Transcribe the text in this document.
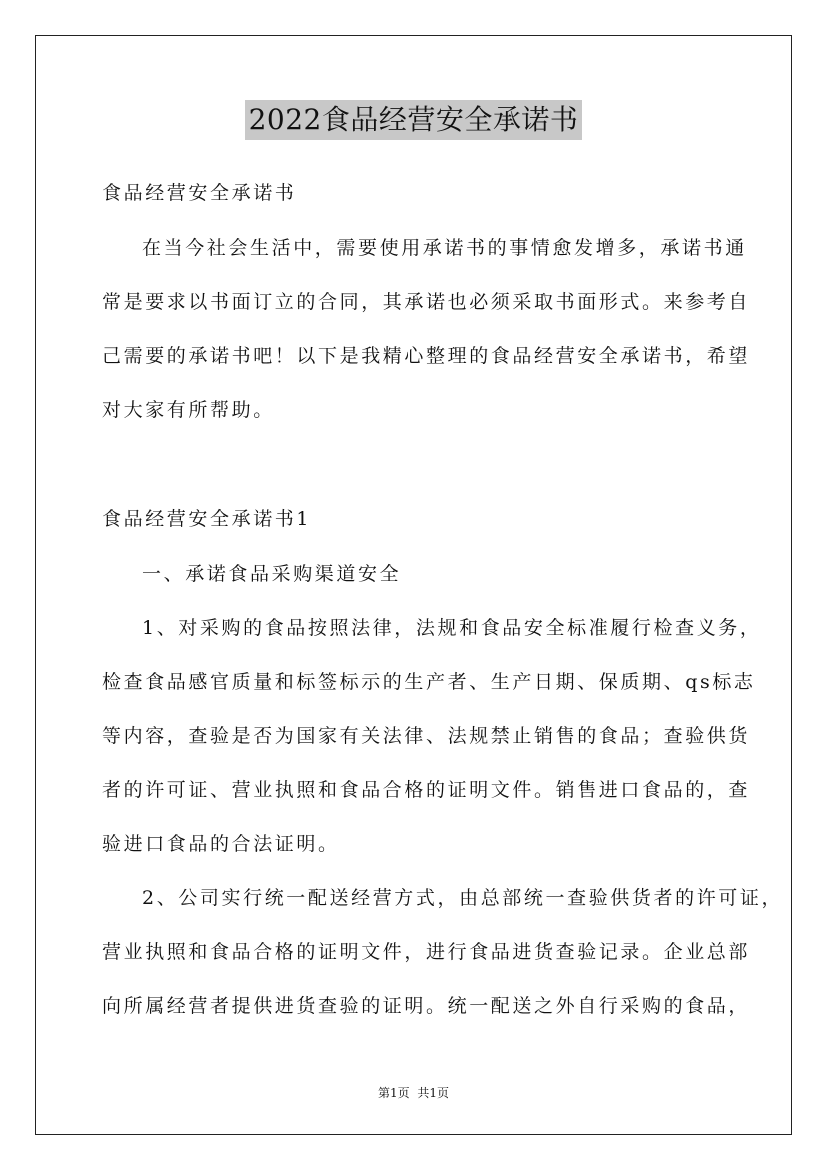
2022食品经营安全承诺书
食品经营安全承诺书
在当今社会生活中，需要使用承诺书的事情愈发增多，承诺书通
常是要求以书面订立的合同，其承诺也必须采取书面形式。来参考自
己需要的承诺书吧！以下是我精心整理的食品经营安全承诺书，希望
对大家有所帮助。
食品经营安全承诺书1
一、承诺食品采购渠道安全
1、对采购的食品按照法律，法规和食品安全标准履行检查义务，
检查食品感官质量和标签标示的生产者、生产日期、保质期、qs标志
等内容，查验是否为国家有关法律、法规禁止销售的食品；查验供货
者的许可证、营业执照和食品合格的证明文件。销售进口食品的，查
验进口食品的合法证明。
2、公司实行统一配送经营方式，由总部统一查验供货者的许可证，
营业执照和食品合格的证明文件，进行食品进货查验记录。企业总部
向所属经营者提供进货查验的证明。统一配送之外自行采购的食品，
第1页 共1页
